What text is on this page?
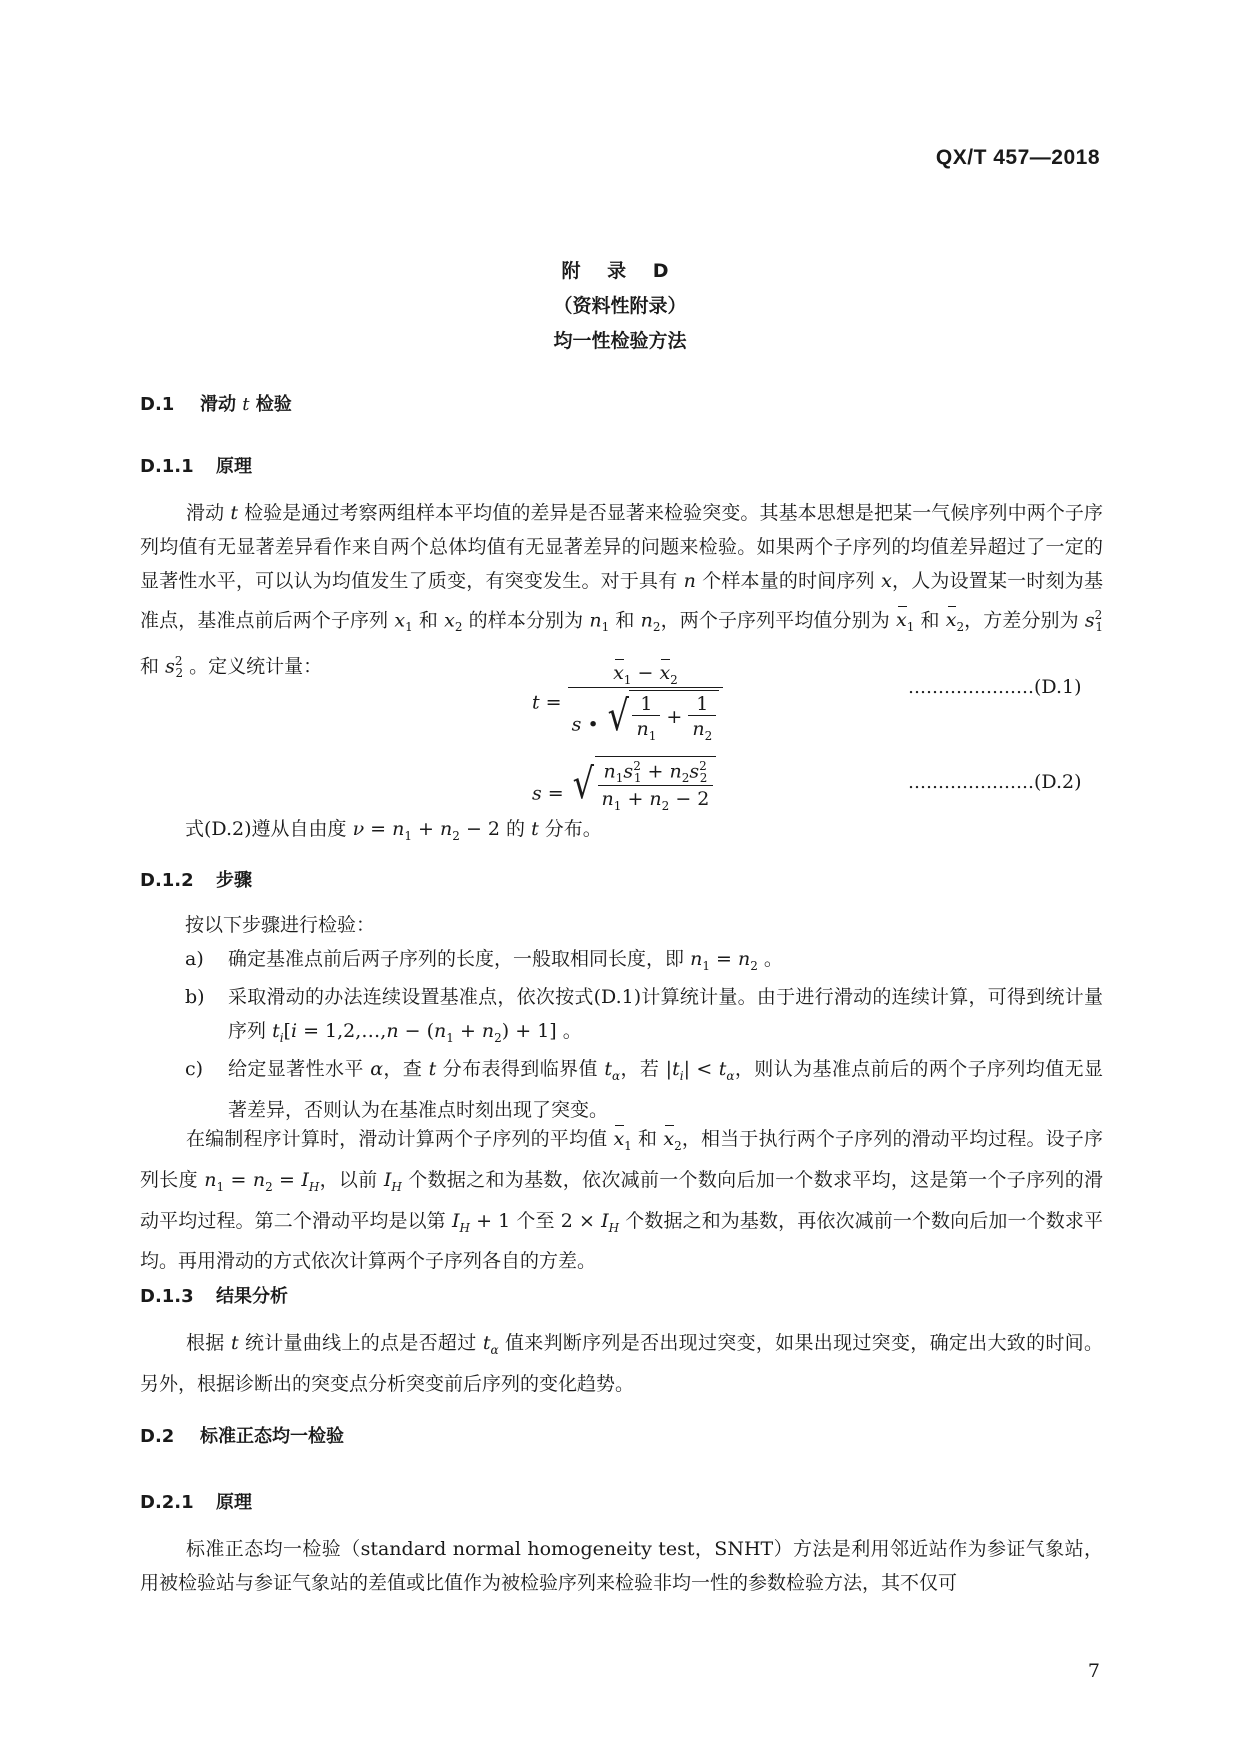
QX/T 457—2018
附 录 D
（资料性附录）
均一性检验方法
D.1 滑动 t 检验
D.1.1 原理
滑动 t 检验是通过考察两组样本平均值的差异是否显著来检验突变。其基本思想是把某一气候序列中两个子序列均值有无显著差异看作来自两个总体均值有无显著差异的问题来检验。如果两个子序列的均值差异超过了一定的显著性水平，可以认为均值发生了质变，有突变发生。对于具有 n 个样本量的时间序列 x，人为设置某一时刻为基准点，基准点前后两个子序列 $x_1$ 和 $x_2$ 的样本分别为 $n_1$ 和 $n_2$，两个子序列平均值分别为 $x_1$ 和 $x_2$，方差分别为 $s^2_1$ 和 $s^2_2$ 。定义统计量：
$t = \frac{x_1 - x_2}{s • √ \frac{1}{n_1} + \frac{1}{n_2}}$	…………………(D.1)
s = √ $\frac{n_1s^2_1 + n_2s^2_2}{n_1 + n_2 - 2}$	…………………(D.2)
式(D.2)遵从自由度 $\nu = n_1 + n_2 - 2$ 的 t 分布。
D.1.2 步骤
按以下步骤进行检验：
a) 确定基准点前后两子序列的长度，一般取相同长度，即 $n_1 = n_2$ 。
b) 采取滑动的办法连续设置基准点，依次按式(D.1)计算统计量。由于进行滑动的连续计算，可得到统计量序列 $t_i[i$ = 1,2,…,n − $(n_1 + n_2) + 1$] 。
c) 给定显著性水平 α，查 t 分布表得到临界值 $t_\alpha$，若 $|t_i| < t_\alpha$，则认为基准点前后的两个子序列均值无显著差异，否则认为在基准点时刻出现了突变。
在编制程序计算时，滑动计算两个子序列的平均值 $x_1$ 和 $x_2$，相当于执行两个子序列的滑动平均过程。设子序列长度 $n_1 = n_2 = I_H$，以前 $I_H$ 个数据之和为基数，依次减前一个数向后加一个数求平均，这是第一个子序列的滑动平均过程。第二个滑动平均是以第 $I_H + 1$ 个至 $2 \times I_H$ 个数据之和为基数，再依次减前一个数向后加一个数求平均。再用滑动的方式依次计算两个子序列各自的方差。
D.1.3 结果分析
根据 t 统计量曲线上的点是否超过 $t_\alpha$ 值来判断序列是否出现过突变，如果出现过突变，确定出大致的时间。另外，根据诊断出的突变点分析突变前后序列的变化趋势。
D.2 标准正态均一检验
D.2.1 原理
标准正态均一检验（standard normal homogeneity test，SNHT）方法是利用邻近站作为参证气象站，用被检验站与参证气象站的差值或比值作为被检验序列来检验非均一性的参数检验方法，其不仅可
7
